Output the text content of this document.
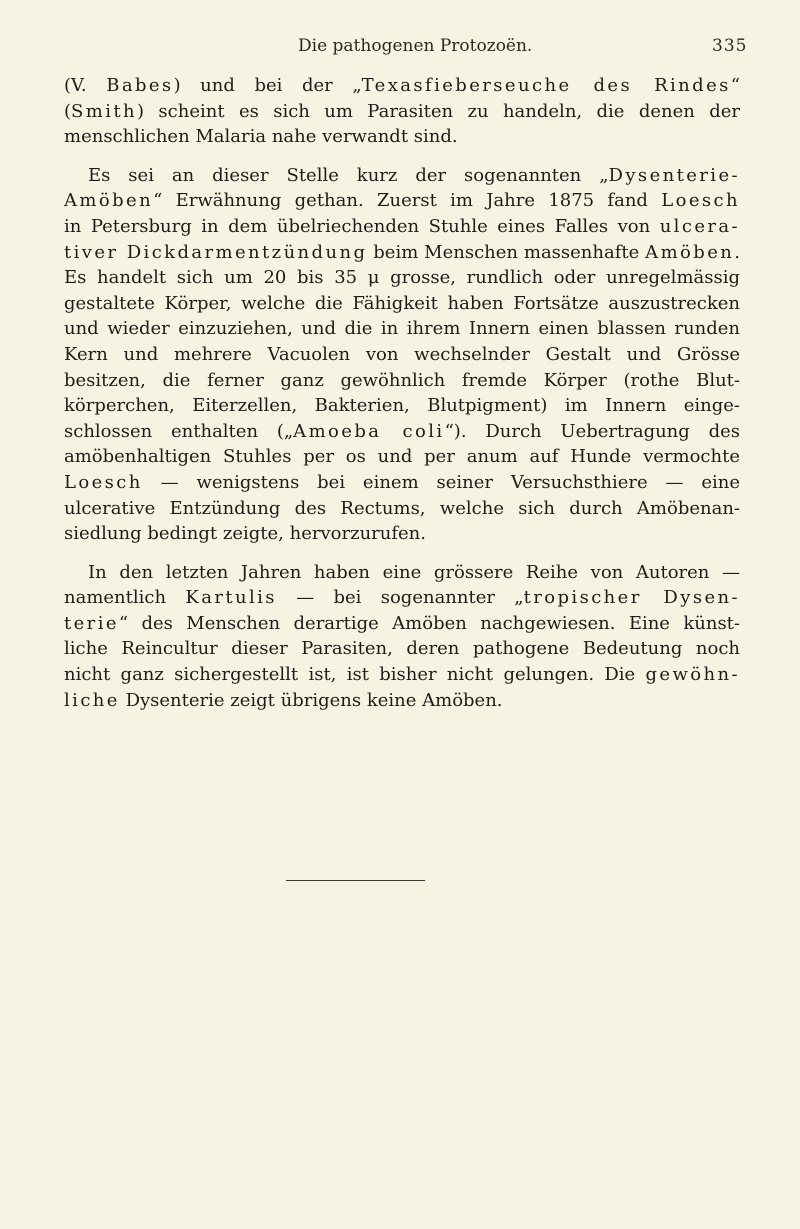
Die pathogenen Protozoën.	335
(V. Babes) und bei der „Texasfieberseuche des Rindes“
(Smith) scheint es sich um Parasiten zu handeln, die denen der
menschlichen Malaria nahe verwandt sind.
Es sei an dieser Stelle kurz der sogenannten „Dysenterie-
Amöben“ Erwähnung gethan. Zuerst im Jahre 1875 fand Loesch
in Petersburg in dem übelriechenden Stuhle eines Falles von ulcera-
tiver Dickdarmentzündung beim Menschen massenhafte Amöben.
Es handelt sich um 20 bis 35 μ grosse, rundlich oder unregelmässig
gestaltete Körper, welche die Fähigkeit haben Fortsätze auszustrecken
und wieder einzuziehen, und die in ihrem Innern einen blassen runden
Kern und mehrere Vacuolen von wechselnder Gestalt und Grösse
besitzen, die ferner ganz gewöhnlich fremde Körper (rothe Blut-
körperchen, Eiterzellen, Bakterien, Blutpigment) im Innern einge-
schlossen enthalten („Amoeba coli“). Durch Uebertragung des
amöbenhaltigen Stuhles per os und per anum auf Hunde vermochte
Loesch — wenigstens bei einem seiner Versuchsthiere — eine
ulcerative Entzündung des Rectums, welche sich durch Amöbenan-
siedlung bedingt zeigte, hervorzurufen.
In den letzten Jahren haben eine grössere Reihe von Autoren —
namentlich Kartulis — bei sogenannter „tropischer Dysen-
terie“ des Menschen derartige Amöben nachgewiesen. Eine künst-
liche Reincultur dieser Parasiten, deren pathogene Bedeutung noch
nicht ganz sichergestellt ist, ist bisher nicht gelungen. Die gewöhn-
liche Dysenterie zeigt übrigens keine Amöben.
